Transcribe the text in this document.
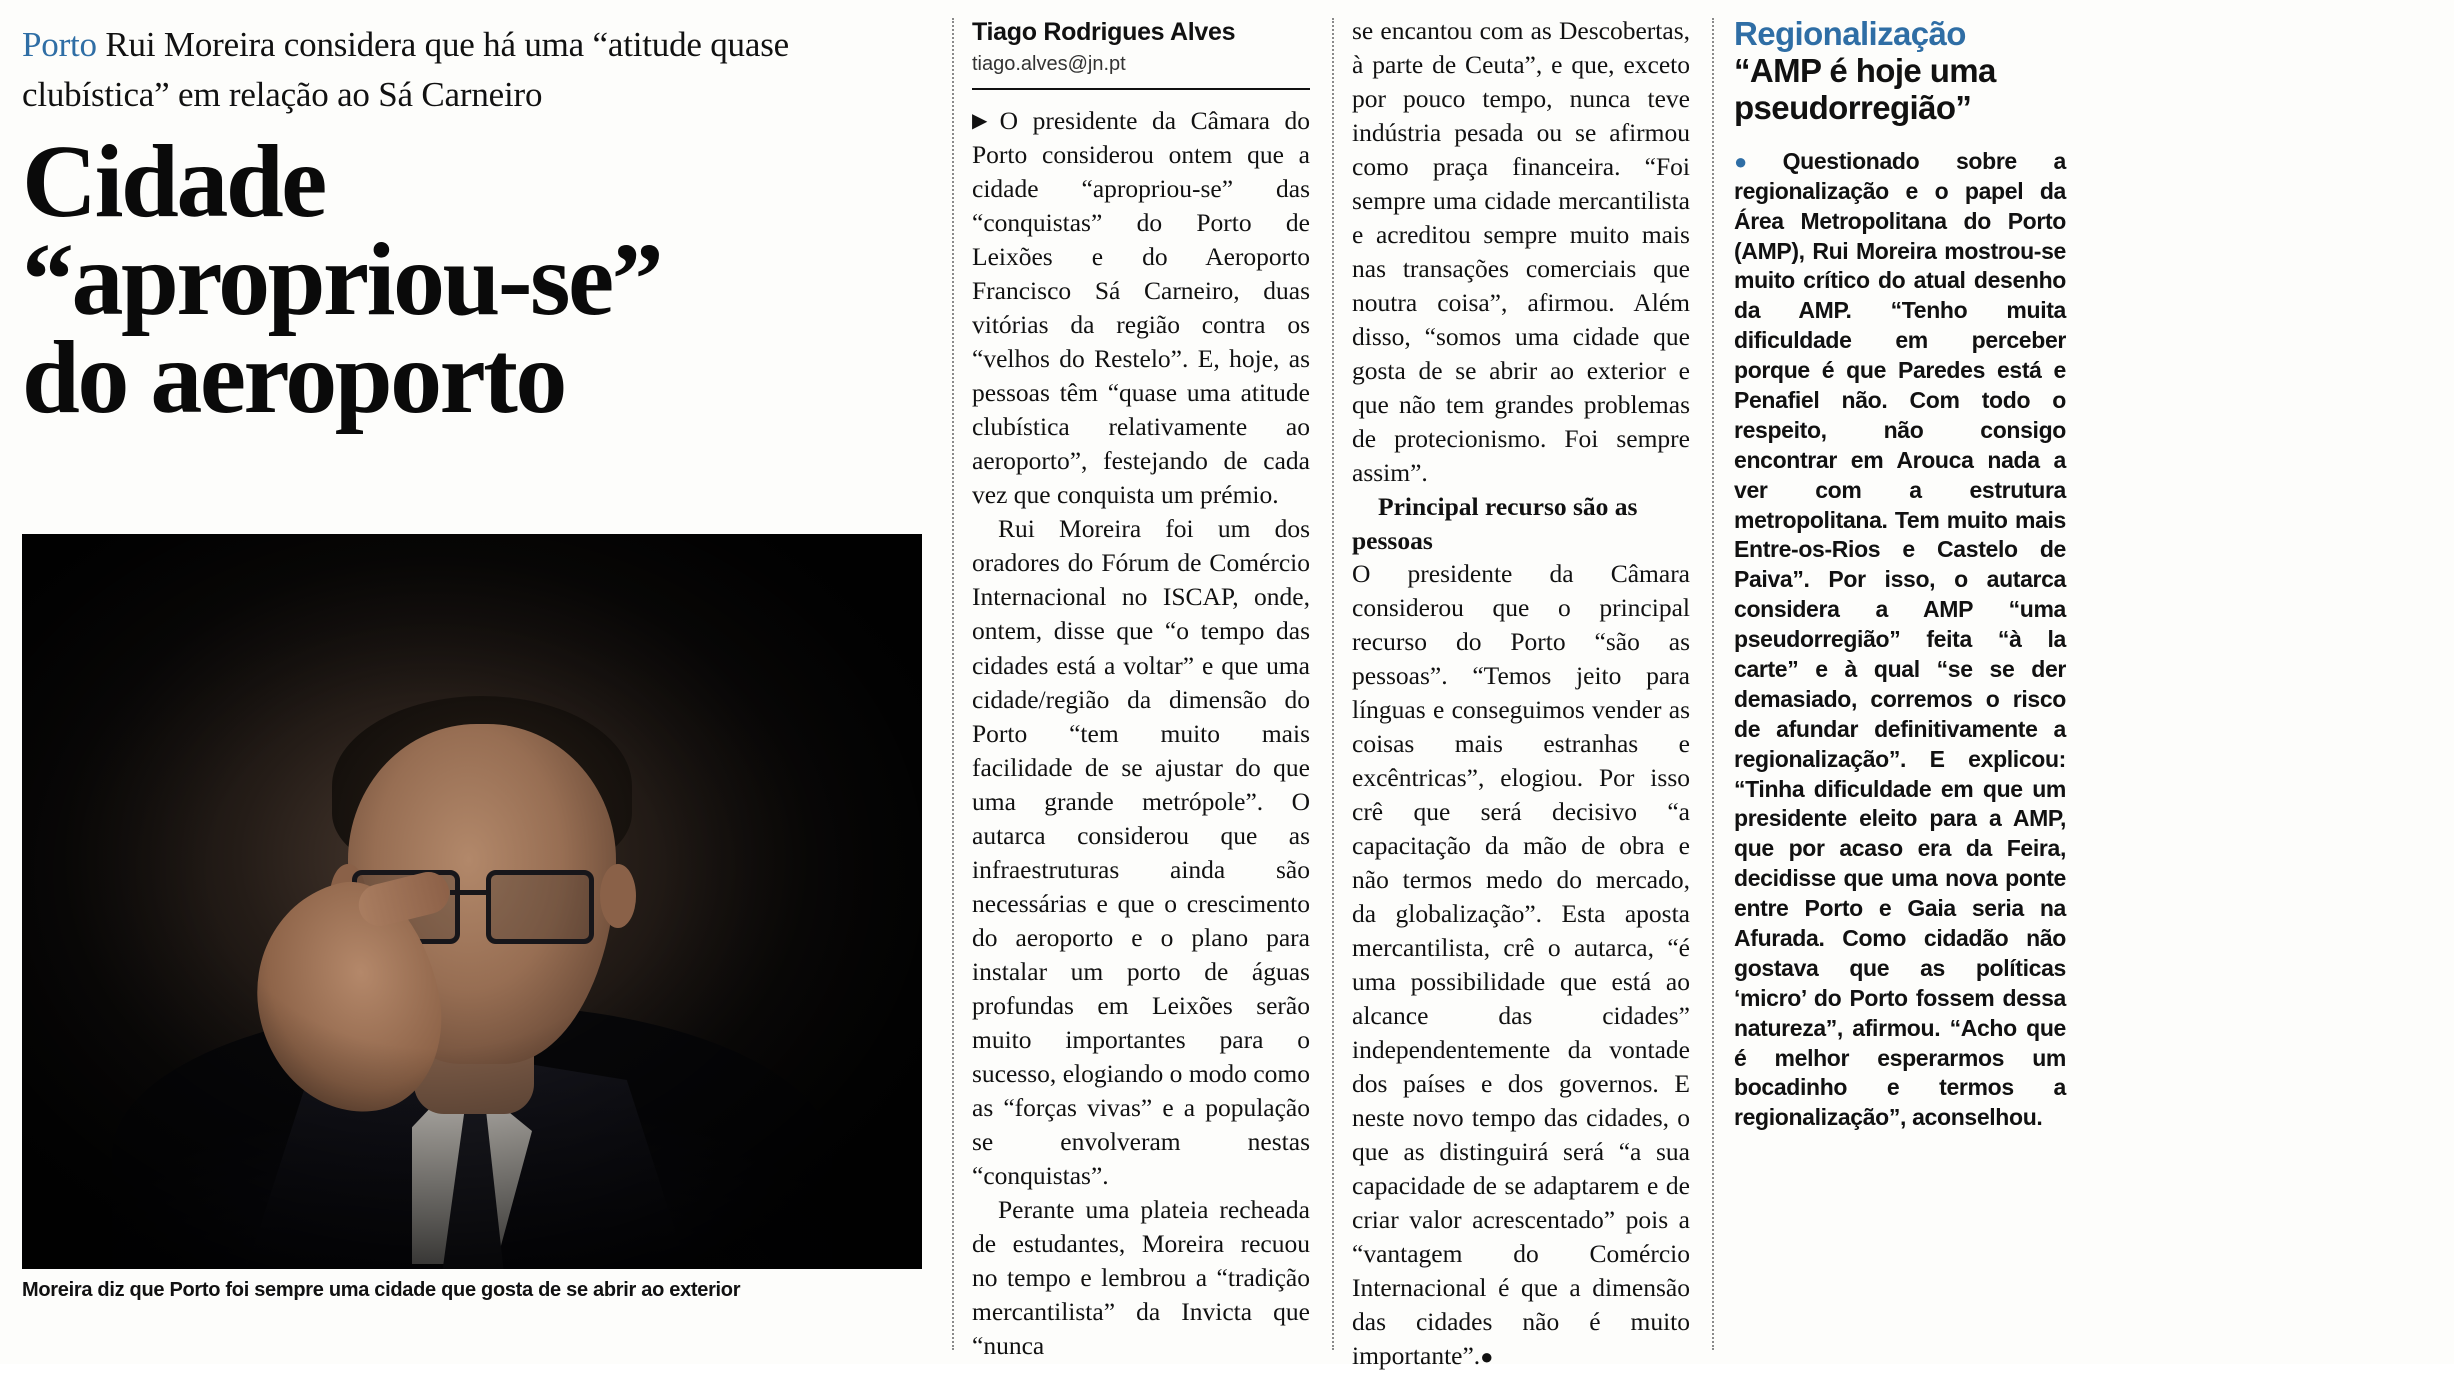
Porto Rui Moreira considera que há uma “atitude quase clubística” em relação ao Sá Carneiro
Cidade
“apropriou-se”
do aeroporto
Moreira diz que Porto foi sempre uma cidade que gosta de se abrir ao exterior
Tiago Rodrigues Alves
tiago.alves@jn.pt

▶ O presidente da Câmara do Porto considerou ontem que a cidade “apropriou-se” das “conquistas” do Porto de Leixões e do Aeroporto Francisco Sá Carneiro, duas vitórias da região contra os “velhos do Restelo”. E, hoje, as pessoas têm “quase uma atitude clubística relativamente ao aeroporto”, festejando de cada vez que conquista um prémio.

Rui Moreira foi um dos oradores do Fórum de Comércio Internacional no ISCAP, onde, ontem, disse que “o tempo das cidades está a voltar” e que uma cidade/região da dimensão do Porto “tem muito mais facilidade de se ajustar do que uma grande metrópole”. O autarca considerou que as infraestruturas ainda são necessárias e que o crescimento do aeroporto e o plano para instalar um porto de águas profundas em Leixões serão muito importantes para o sucesso, elogiando o modo como as “forças vivas” e a população se envolveram nestas “conquistas”.

Perante uma plateia recheada de estudantes, Moreira recuou no tempo e lembrou a “tradição mercantilista” da Invicta que “nunca

se encantou com as Descobertas, à parte de Ceuta”, e que, exceto por pouco tempo, nunca teve indústria pesada ou se afirmou como praça financeira. “Foi sempre uma cidade mercantilista e acreditou sempre muito mais nas transações comerciais que noutra coisa”, afirmou. Além disso, “somos uma cidade que gosta de se abrir ao exterior e que não tem grandes problemas de protecionismo. Foi sempre assim”.

Principal recurso são as pessoas

O presidente da Câmara considerou que o principal recurso do Porto “são as pessoas”. “Temos jeito para línguas e conseguimos vender as coisas mais estranhas e excêntricas”, elogiou. Por isso crê que será decisivo “a capacitação da mão de obra e não termos medo do mercado, da globalização”. Esta aposta mercantilista, crê o autarca, “é uma possibilidade que está ao alcance das cidades” independentemente da vontade dos países e dos governos. E neste novo tempo das cidades, o que as distinguirá será “a sua capacidade de se adaptarem e de criar valor acrescentado” pois a “vantagem do Comércio Internacional é que a dimensão das cidades não é muito importante”.●

Regionalização
“AMP é hoje uma pseudorregião”
● Questionado sobre a regionalização e o papel da Área Metropolitana do Porto (AMP), Rui Moreira mostrou-se muito crítico do atual desenho da AMP. “Tenho muita dificuldade em perceber porque é que Paredes está e Penafiel não. Com todo o respeito, não consigo encontrar em Arouca nada a ver com a estrutura metropolitana. Tem muito mais Entre-os-Rios e Castelo de Paiva”. Por isso, o autarca considera a AMP “uma pseudorregião” feita “à la carte” e à qual “se se der demasiado, corremos o risco de afundar definitivamente a regionalização”. E explicou: “Tinha dificuldade em que um presidente eleito para a AMP, que por acaso era da Feira, decidisse que uma nova ponte entre Porto e Gaia seria na Afurada. Como cidadão não gostava que as políticas ‘micro’ do Porto fossem dessa natureza”, afirmou. “Acho que é melhor esperarmos um bocadinho e termos a regionalização”, aconselhou.
